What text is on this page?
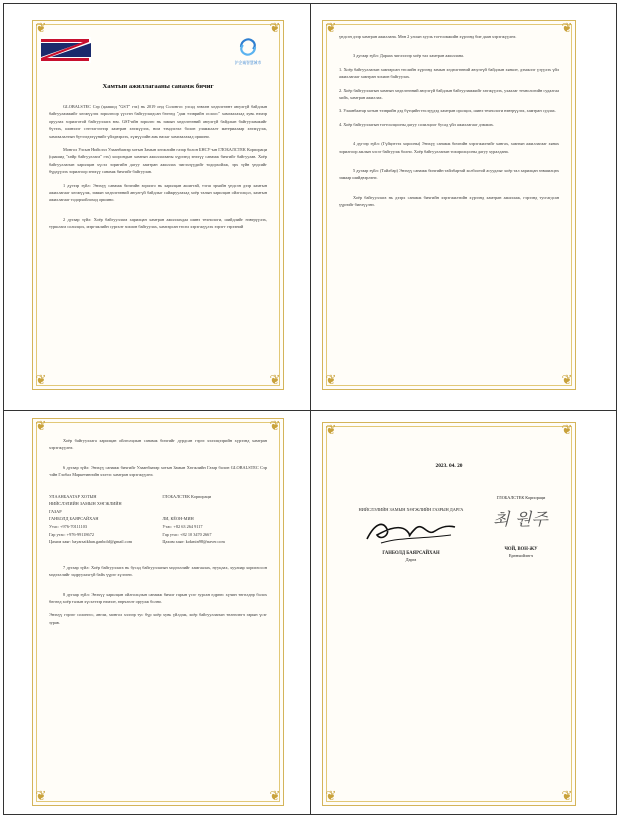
❦	❦
❦	❦
沪企诚智慧城市
Хамтын ажиллагааны санамж бичиг

GLOBALSTEC Сэр (цаашид "GST" гэх) нь 2019 онд Солонгос улсад зөвхөн хөдөлгөөнт аюулгүй байдлын байгууламжийг хөгжүүлэх зорилгоор үүсгэн байгуулагдсан бөгөөд "дам тээврийн ослоос" хамгаалахад хувь нэмэр оруулах зорилготой байгууллага юм. GST-ийн зорилго нь замын хөдөлгөөний аюулгүй байдлын байгууламжийг бүтээх, шинэлэг сэтгэлгээгээр хамтран хөгжүүлэх, ном тэмдэглэл болон уламжлалт материалаар хөгжүүлж, хамгаалалтын бүтээгдэхүүнийг үйлдвэрлэх, хүмүүсийн амь насыг хамгаалахад оршино.

Монгол Улсын Нийслэл Улаанбаатар хотын Замын хөгжлийн газар болон БНСУ-ын ГЛОБАЛСТЕК Корпораци (цаашид "хөйр байгууллага" гэх) хоорондын хамтын ажиллагааны хүрээнд энэхүү санамж бичгийг байгуулав. Хоёр байгууллагын харилцан хүсэл зоригийн дагуу хамтран ажиллах чиглэлүүдийг тодорхойлж, эрх зүйн үндсийг бүрдүүлэх зорилгоор энэхүү санамж бичгийг байгуулав.

1 дүгээр зүйл: Энэхүү санамж бичгийн зорилго нь харилцан ашигтай, тэгш эрхийн үндсэн дээр хамтын ажиллагааг хөгжүүлж, замын хөдөлгөөний аюулгүй байдлыг сайжруулахад хоёр талын харилцан ойлголцол, хамтын ажиллагааг тодорхойлоход оршино.

2 дугаар зүйл: Хоёр байгууллага харилцан хамтран ажиллахдаа шинэ технологи, шийдлийг нэвтрүүлэх, туршлага солилцох, мэргэжлийн сургалт зохион байгуулах, хамтарсан төсөл хэрэгжүүлэх зэрэгт гэрээний

❦	❦
❦	❦

үндсэн дээр хамтран ажиллана. Мөн 2 улсын хууль тогтоомжийн хүрээнд бие даан хэрэгжүүлнэ.

3 дугаар зүйл: Дараах чиглэлээр хоёр тал хамтран ажиллана.

1. Хоёр байгууллагын хамтарсан төслийн хүрээнд замын хөдөлгөөний аюулгүй байдлын хяналт, дэмжлэг үзүүлэх үйл ажиллагааг хамтран зохион байгуулах.

2. Хоёр байгууллагын хамтын хөдөлгөөний аюулгүй байдлын байгууламжийг хөгжүүлэх, ухаалаг технологийн судалгаа хийх, хамтран ажиллах.

3. Улаанбаатар хотын тээврийн дэд бүтцийн төслүүдэд хамтран оролцох, шинэ технологи нэвтрүүлэх, хамтран судлах.

4. Хоёр байгууллагын тогтоолцооны дагуу солилцоог бусад үйл ажиллагааг дэмжих.

4 дүгээр зүйл: (Гүйцэтгэх хорооны) Энэхүү санамж бичгийн хэрэгжилтийг хангах, хамтын ажиллагааг хянах зорилгоор ажлын хэсэг байгуулж болно. Хоёр байгууллагын тохиролцсоны дагуу хуралдана.

5 дугаар зүйл: (Тайлбар) Энэхүү санамж бичгийн тайлбартай холбоотой асуудлыг хоёр тал харилцан зөвшилцөх замаар шийдвэрлэнэ.

Хоёр байгууллага нь дээрх санамж бичгийн хэрэгжилтийн хүрээнд хамтран ажиллаж, гэрээнд тусгагдсан үүргийг биелүүлнэ.

❦	❦
❦	❦

Хоёр байгууллага харилцан ойлголцлын санамж бичгийг дурдсан гэрээ хэлэлцээрийн хүрээнд хамтран хэрэгжүүлнэ.

6 дугаар зүйл: Энэхүү санамж бичгийг Улаанбаатар хотын Замын Хөгжлийн Газар болон GLOBALSTEC Сэр -ийн Глобал Маркетингийн хэлтэс хамтран хэрэгжүүлнэ.

УЛААНБААТАР ХОТЫН
НИЙСЛЭЛИЙН ЗАМЫН ХӨГЖЛИЙН
ГАЗАР
ГАНБОЛД БАЯРСАЙХАН
Утас: +976-70111103
Гар утас: +976-99118672
Цахим хаяг: bayarsaikhan.ganbold@gmail.com
ГЛОБАЛСТЕК Корпораци

ЛИ, КЁОН-МИН
Утас: +82 63 264 9117
Гар утас: +82 10 3470 2667
Цахим хаяг: kokmin98@naver.com

7 дугаар зүйл: Хоёр байгууллага нь бусад байгууллагын мэдээллийг хамгаалах, нууцлах, хуулиар хориглосон мэдээллийг задруулахгүй байх үүрэг хүлээнэ.

8 дугаар зүйл: Энэхүү харилцан ойлголцлын санамж бичиг гарын үсэг зурсан өдрөөс хүчин төгөлдөр болох бөгөөд хоёр талын хүсэлтээр нэмэлт, өөрчлөлт оруулж болно.

Энэхүү гэрээг солонгос, англи, монгол хэлээр тус бүр хоёр хувь үйлдэж, хоёр байгууллагын төлөөлөгч гарын үсэг зурав.

❦	❦
❦	❦
2023. 04. 20
НИЙСЛЭЛИЙН ЗАМЫН ХӨГЖЛИЙН ГАЗРЫН ДАРГА
ГАНБОЛД БАЯРСАЙХАН
Дарга
ГЛОБАЛСТЕК Корпораци
최 원주
ЧОЙ, ВОН-ЖУ
Ерөнхийлөгч
